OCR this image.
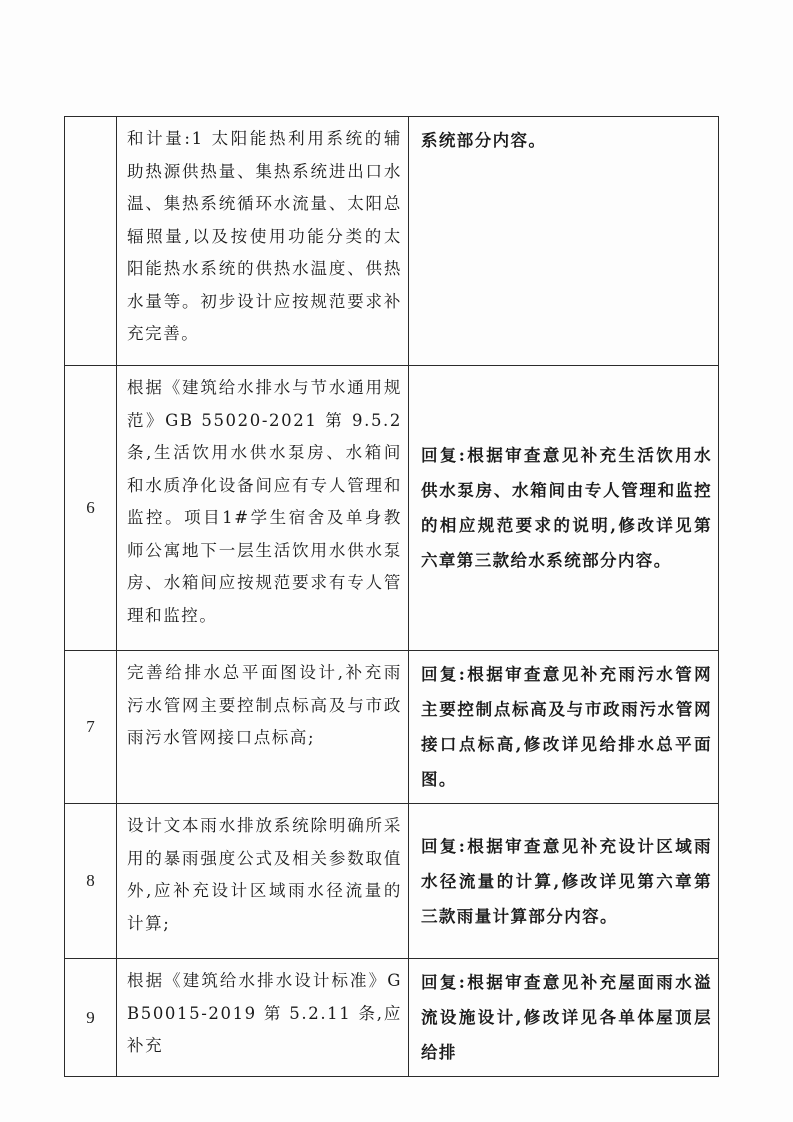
	和计量:1 太阳能热利用系统的辅助热源供热量、集热系统进出口水温、集热系统循环水流量、太阳总辐照量,以及按使用功能分类的太阳能热水系统的供热水温度、供热水量等。初步设计应按规范要求补充完善。	系统部分内容。

6	根据《建筑给水排水与节水通用规范》GB 55020-2021 第 9.5.2 条,生活饮用水供水泵房、水箱间和水质净化设备间应有专人管理和监控。项目1#学生宿舍及单身教师公寓地下一层生活饮用水供水泵房、水箱间应按规范要求有专人管理和监控。	回复:根据审查意见补充生活饮用水供水泵房、水箱间由专人管理和监控的相应规范要求的说明,修改详见第六章第三款给水系统部分内容。

7	完善给排水总平面图设计,补充雨污水管网主要控制点标高及与市政雨污水管网接口点标高;	回复:根据审查意见补充雨污水管网主要控制点标高及与市政雨污水管网接口点标高,修改详见给排水总平面图。

8	设计文本雨水排放系统除明确所采用的暴雨强度公式及相关参数取值外,应补充设计区域雨水径流量的计算;	回复:根据审查意见补充设计区域雨水径流量的计算,修改详见第六章第三款雨量计算部分内容。

9	根据《建筑给水排水设计标准》GB50015-2019 第 5.2.11 条,应补充	回复:根据审查意见补充屋面雨水溢流设施设计,修改详见各单体屋顶层给排
